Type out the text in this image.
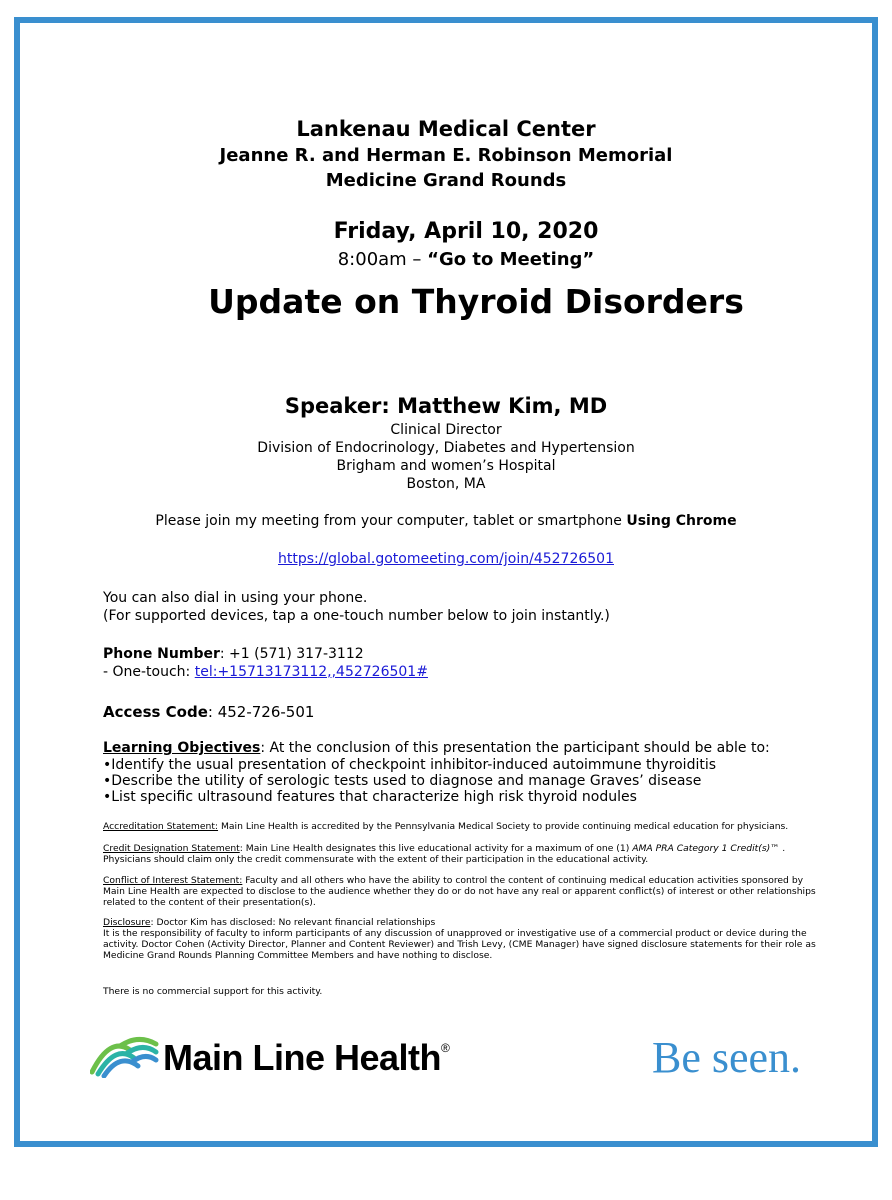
Lankenau Medical Center
Jeanne R. and Herman E. Robinson Memorial
Medicine Grand Rounds
Friday, April 10, 2020
8:00am – “Go to Meeting”
Update on Thyroid Disorders
Speaker: Matthew Kim, MD
Clinical Director
Division of Endocrinology, Diabetes and Hypertension
Brigham and women’s Hospital
Boston, MA
Please join my meeting from your computer, tablet or smartphone Using Chrome
https://global.gotomeeting.com/join/452726501
You can also dial in using your phone.
(For supported devices, tap a one-touch number below to join instantly.)
Phone Number: +1 (571) 317-3112
- One-touch: tel:+15713173112,,452726501#
Access Code: 452-726-501
Learning Objectives: At the conclusion of this presentation the participant should be able to:
•Identify the usual presentation of checkpoint inhibitor-induced autoimmune thyroiditis
•Describe the utility of serologic tests used to diagnose and manage Graves’ disease
•List specific ultrasound features that characterize high risk thyroid nodules
Accreditation Statement: Main Line Health is accredited by the Pennsylvania Medical Society to provide continuing medical education for physicians.
Credit Designation Statement: Main Line Health designates this live educational activity for a maximum of one (1) AMA PRA Category 1 Credit(s)™ .
Physicians should claim only the credit commensurate with the extent of their participation in the educational activity.
Conflict of Interest Statement: Faculty and all others who have the ability to control the content of continuing medical education activities sponsored by
Main Line Health are expected to disclose to the audience whether they do or do not have any real or apparent conflict(s) of interest or other relationships
related to the content of their presentation(s).
Disclosure: Doctor Kim has disclosed: No relevant financial relationships
It is the responsibility of faculty to inform participants of any discussion of unapproved or investigative use of a commercial product or device during the
activity. Doctor Cohen (Activity Director, Planner and Content Reviewer) and Trish Levy, (CME Manager) have signed disclosure statements for their role as
Medicine Grand Rounds Planning Committee Members and have nothing to disclose.
There is no commercial support for this activity.
Main Line Health®	Be seen.
